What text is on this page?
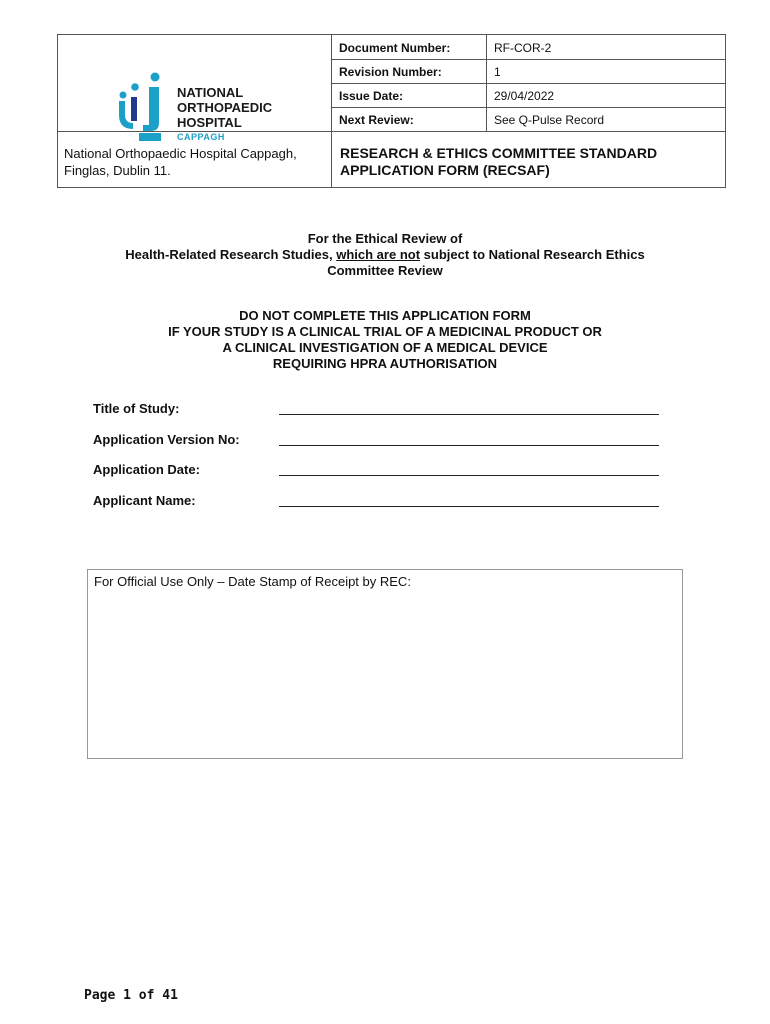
NATIONAL
ORTHOPAEDIC
HOSPITAL
CAPPAGH
Document Number:	RF-COR-2
Revision Number:	1
Issue Date:	29/04/2022
Next Review:	See Q-Pulse Record
National Orthopaedic Hospital Cappagh,
Finglas, Dublin 11.
RESEARCH & ETHICS COMMITTEE STANDARD
APPLICATION FORM (RECSAF)
For the Ethical Review of
Health-Related Research Studies, which are not subject to National Research Ethics
Committee Review
DO NOT COMPLETE THIS APPLICATION FORM
IF YOUR STUDY IS A CLINICAL TRIAL OF A MEDICINAL PRODUCT OR
A CLINICAL INVESTIGATION OF A MEDICAL DEVICE
REQUIRING HPRA AUTHORISATION
Title of Study:
Application Version No:
Application Date:
Applicant Name:
For Official Use Only – Date Stamp of Receipt by REC:
Page 1 of 41
